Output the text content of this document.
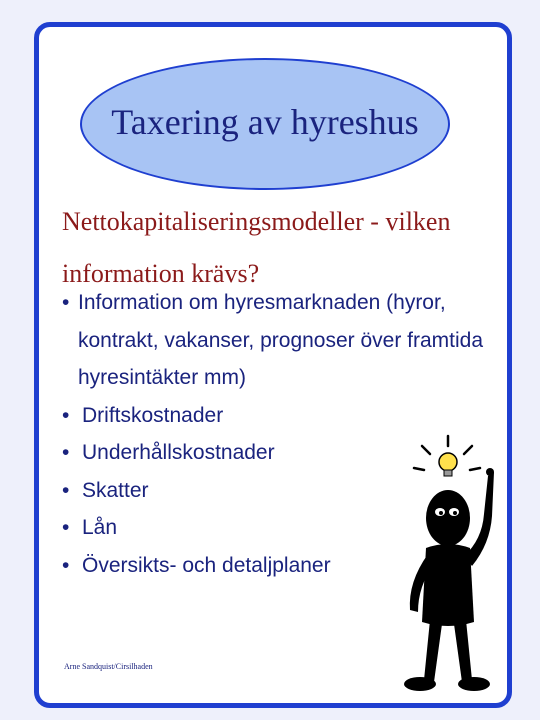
Taxering av hyreshus
Nettokapitaliseringsmodeller - vilken information krävs?
• Information om hyresmarknaden (hyror, kontrakt, vakanser, prognoser över framtida hyresintäkter mm)
• Driftskostnader
• Underhållskostnader
• Skatter
• Lån
• Översikts- och detaljplaner
Arne Sandquist/Cirsilhaden
